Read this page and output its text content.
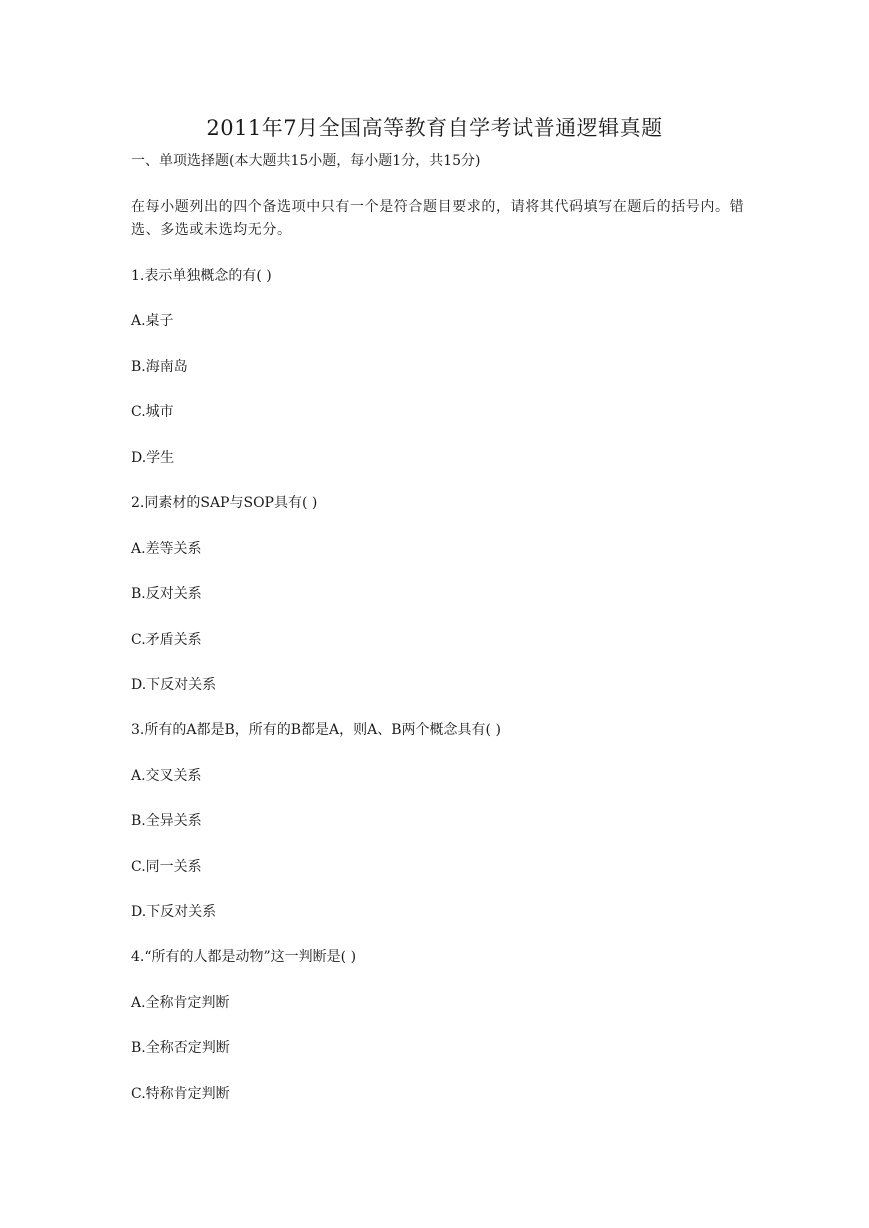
2011年7月全国高等教育自学考试普通逻辑真题
一、单项选择题(本大题共15小题，每小题1分，共15分)
在每小题列出的四个备选项中只有一个是符合题目要求的，请将其代码填写在题后的括号内。错选、多选或未选均无分。
1.表示单独概念的有( )
A.桌子
B.海南岛
C.城市
D.学生
2.同素材的SAP与SOP具有( )
A.差等关系
B.反对关系
C.矛盾关系
D.下反对关系
3.所有的A都是B，所有的B都是A，则A、B两个概念具有( )
A.交叉关系
B.全异关系
C.同一关系
D.下反对关系
4.“所有的人都是动物”这一判断是( )
A.全称肯定判断
B.全称否定判断
C.特称肯定判断
